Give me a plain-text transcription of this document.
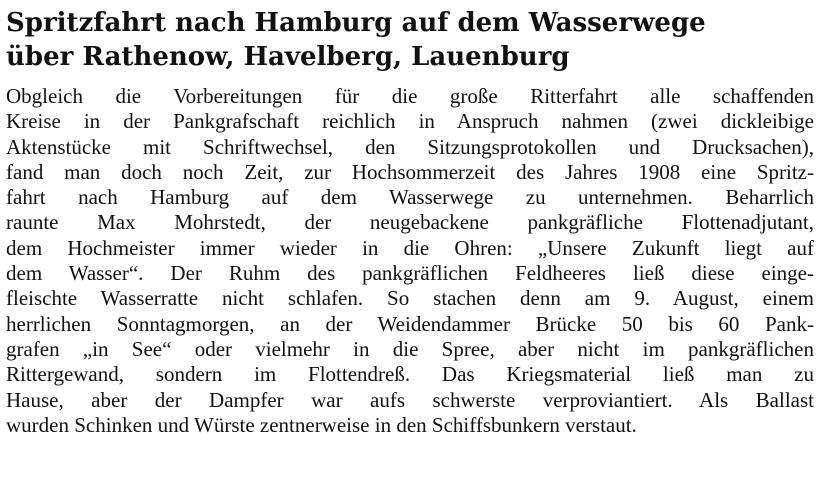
Spritzfahrt nach Hamburg auf dem Wasserwege
über Rathenow, Havelberg, Lauenburg
Obgleich die Vorbereitungen für die große Ritterfahrt alle schaffenden
Kreise in der Pankgrafschaft reichlich in Anspruch nahmen (zwei dickleibige
Aktenstücke mit Schriftwechsel, den Sitzungsprotokollen und Drucksachen),
fand man doch noch Zeit, zur Hochsommerzeit des Jahres 1908 eine Spritz-
fahrt nach Hamburg auf dem Wasserwege zu unternehmen. Beharrlich
raunte Max Mohrstedt, der neugebackene pankgräfliche Flottenadjutant,
dem Hochmeister immer wieder in die Ohren: „Unsere Zukunft liegt auf
dem Wasser“. Der Ruhm des pankgräflichen Feldheeres ließ diese einge-
fleischte Wasserratte nicht schlafen. So stachen denn am 9. August, einem
herrlichen Sonntagmorgen, an der Weidendammer Brücke 50 bis 60 Pank-
grafen „in See“ oder vielmehr in die Spree, aber nicht im pankgräflichen
Rittergewand, sondern im Flottendreß. Das Kriegsmaterial ließ man zu
Hause, aber der Dampfer war aufs schwerste verproviantiert. Als Ballast
wurden Schinken und Würste zentnerweise in den Schiffsbunkern verstaut.
